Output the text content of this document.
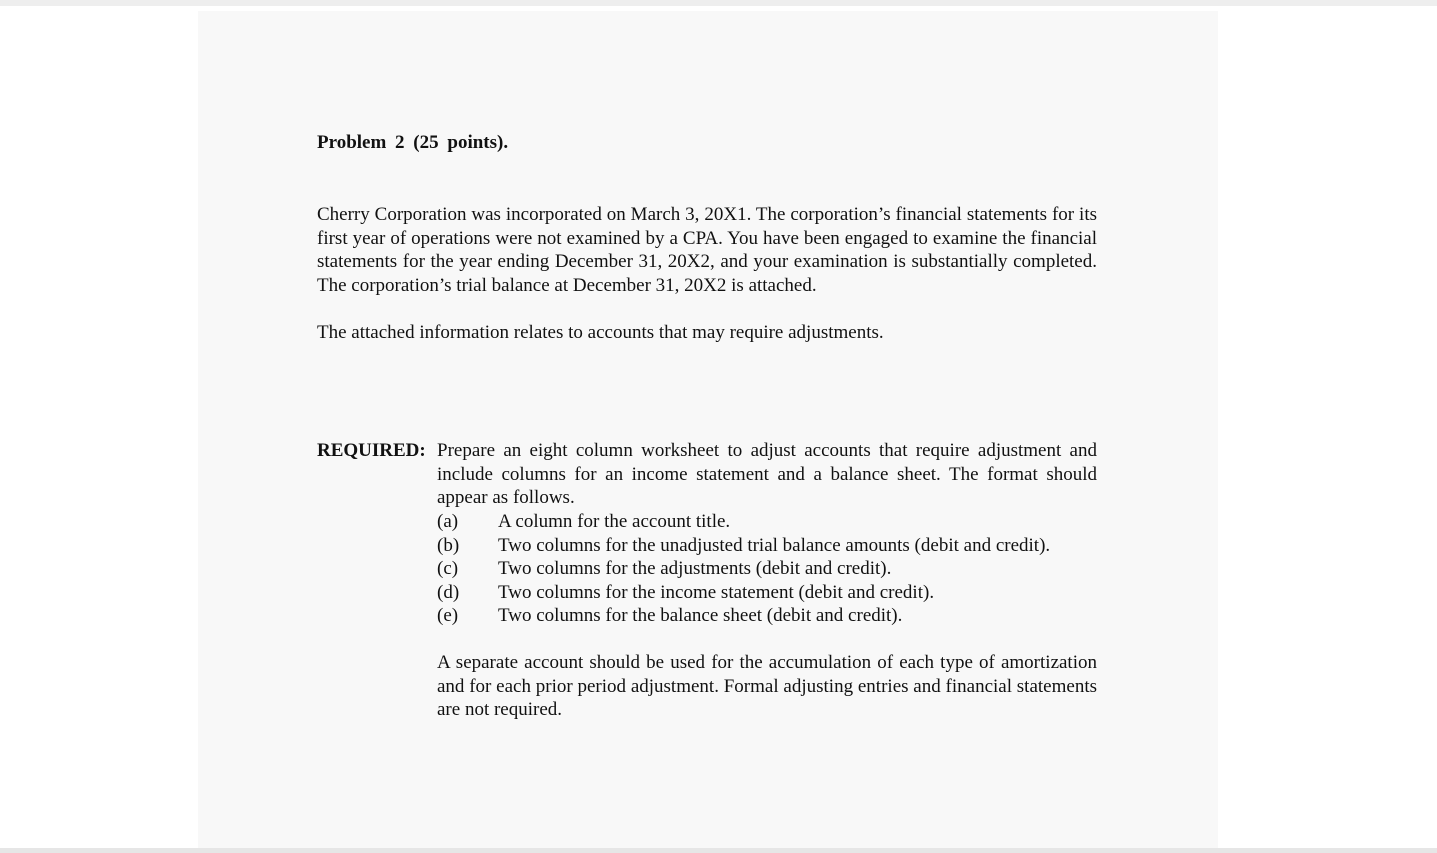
Problem 2 (25 points).
Cherry Corporation was incorporated on March 3, 20X1. The corporation’s financial statements for its first year of operations were not examined by a CPA. You have been engaged to examine the financial statements for the year ending December 31, 20X2, and your examination is substantially completed. The corporation’s trial balance at December 31, 20X2 is attached.
The attached information relates to accounts that may require adjustments.
REQUIRED: Prepare an eight column worksheet to adjust accounts that require adjustment and include columns for an income statement and a balance sheet. The format should appear as follows.
(a) A column for the account title.
(b) Two columns for the unadjusted trial balance amounts (debit and credit).
(c) Two columns for the adjustments (debit and credit).
(d) Two columns for the income statement (debit and credit).
(e) Two columns for the balance sheet (debit and credit).
A separate account should be used for the accumulation of each type of amortization and for each prior period adjustment. Formal adjusting entries and financial statements are not required.
